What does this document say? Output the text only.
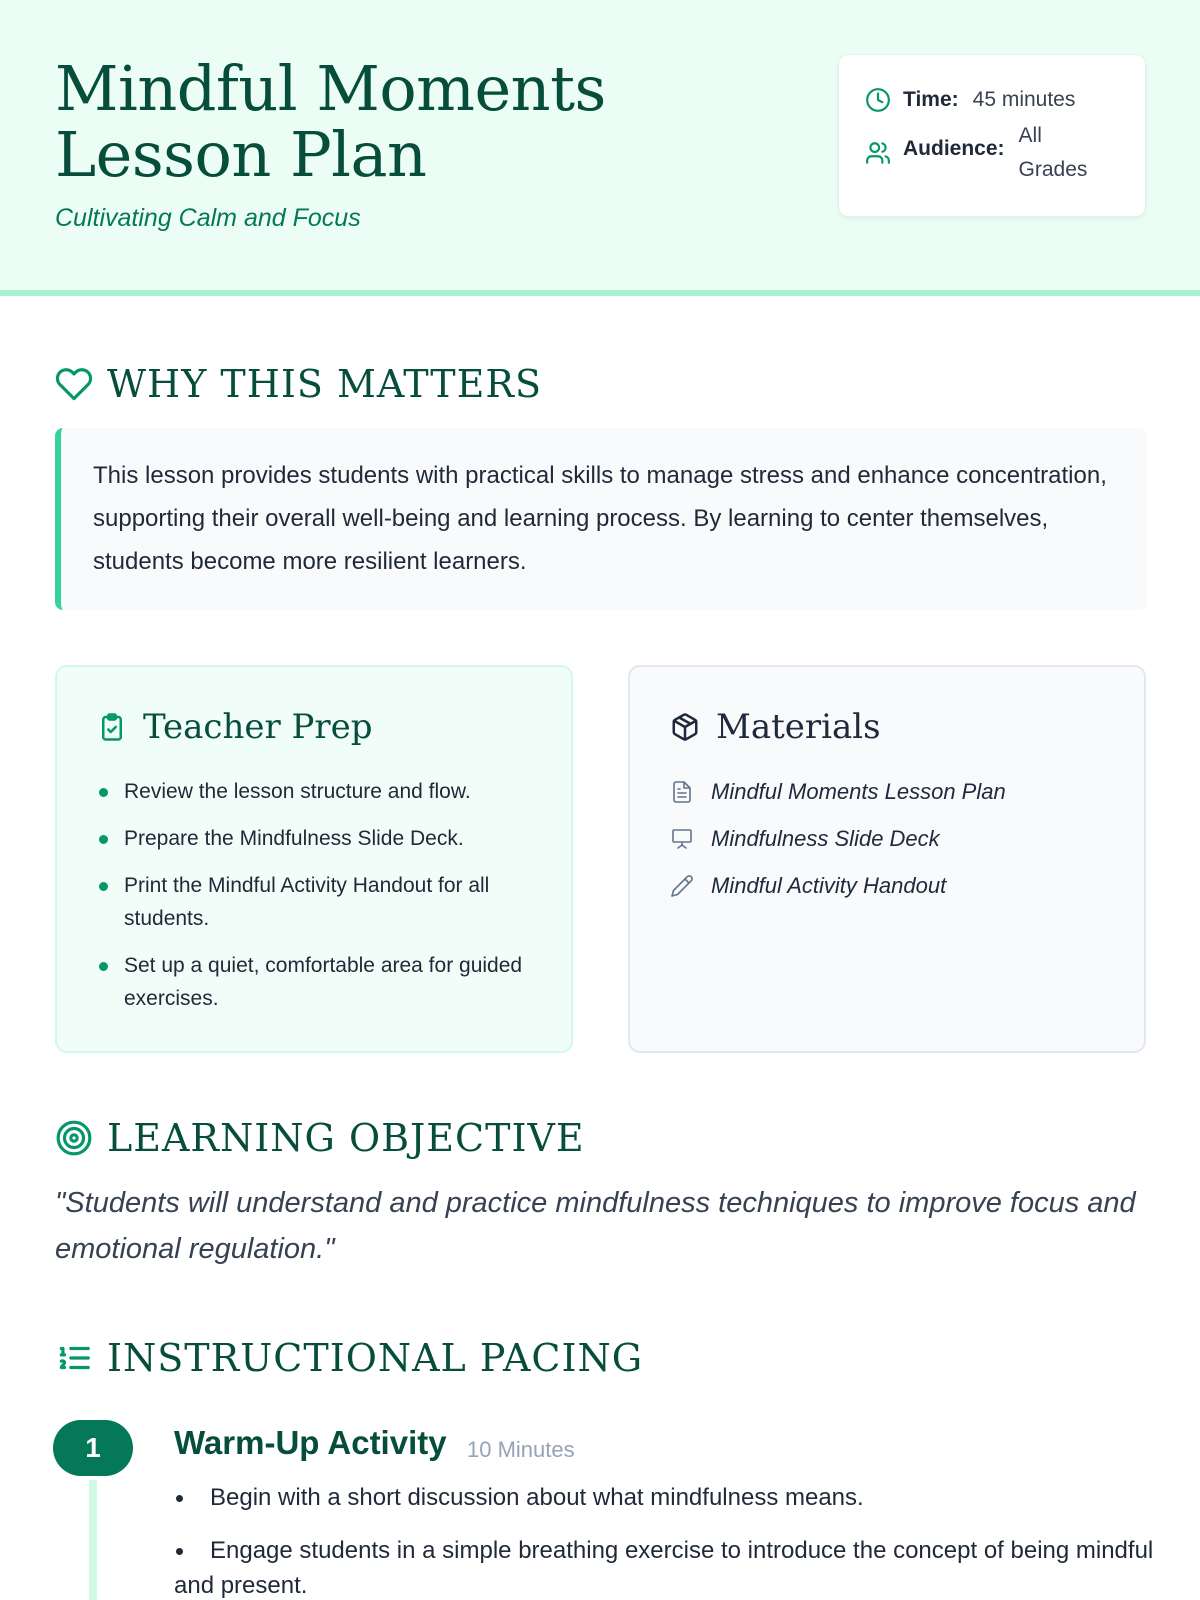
Mindful Moments Lesson Plan
Cultivating Calm and Focus
Time: 45 minutes
Audience:
All
Grades
WHY THIS MATTERS

This lesson provides students with practical skills to manage stress and enhance concentration, supporting their overall well-being and learning process. By learning to center themselves, students become more resilient learners.

Teacher Prep
Review the lesson structure and flow.
Prepare the Mindfulness Slide Deck.
Print the Mindful Activity Handout for all students.
Set up a quiet, comfortable area for guided exercises.
Materials
Mindful Moments Lesson Plan
Mindfulness Slide Deck
Mindful Activity Handout
LEARNING OBJECTIVE

"Students will understand and practice mindfulness techniques to improve focus and emotional regulation."

INSTRUCTIONAL PACING
1	Warm-Up Activity 10 Minutes
Begin with a short discussion about what mindfulness means.
Engage students in a simple breathing exercise to introduce the concept of being mindful and present.
